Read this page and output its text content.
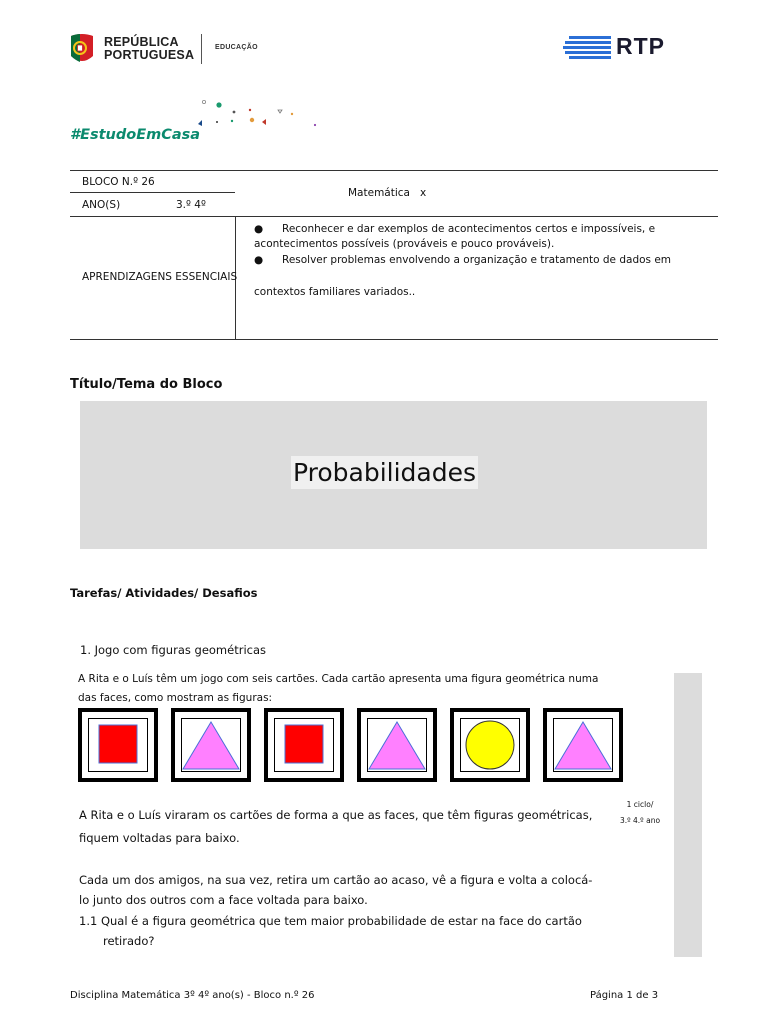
REPÚBLICA
PORTUGUESA
EDUCAÇÃO	RTP
#EstudoEmCasa
BLOCO N.º 26
ANO(S)	3.º 4º
Matemática   x
APRENDIZAGENS ESSENCIAIS
● Reconhecer e dar exemplos de acontecimentos certos e impossíveis, e
acontecimentos possíveis (prováveis e pouco prováveis).
● Resolver problemas envolvendo a organização e tratamento de dados em
contextos familiares variados..
Título/Tema do Bloco
Probabilidades
Tarefas/ Atividades/ Desafios
1. Jogo com figuras geométricas
A Rita e o Luís têm um jogo com seis cartões. Cada cartão apresenta uma figura geométrica numa
das faces, como mostram as figuras:
1 ciclo/
3.º 4.º ano
A Rita e o Luís viraram os cartões de forma a que as faces, que têm figuras geométricas,
fiquem voltadas para baixo.
Cada um dos amigos, na sua vez, retira um cartão ao acaso, vê a figura e volta a colocá-
lo junto dos outros com a face voltada para baixo.
1.1 Qual é a figura geométrica que tem maior probabilidade de estar na face do cartão
retirado?
Disciplina Matemática 3º 4º ano(s) - Bloco n.º 26	Página 1 de 3
